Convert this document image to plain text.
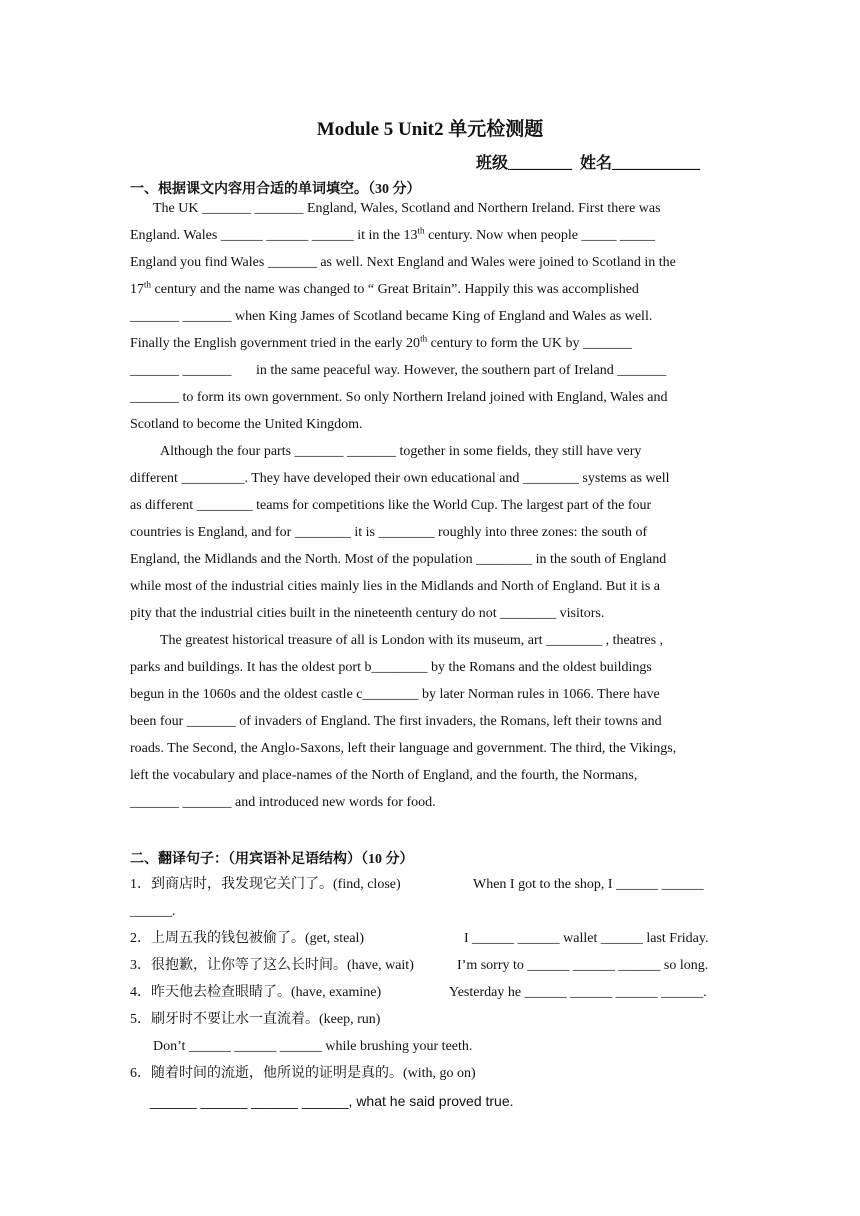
Module 5 Unit2 单元检测题
班级________  姓名___________
一、根据课文内容用合适的单词填空。（30 分）
The UK _______ _______ England, Wales, Scotland and Northern Ireland. First there was
England. Wales ______ ______ ______ it in the 13th century. Now when people _____ _____
England you find Wales _______ as well. Next England and Wales were joined to Scotland in the
17th century and the name was changed to “ Great Britain”. Happily this was accomplished
_______ _______ when King James of Scotland became King of England and Wales as well.
Finally the English government tried in the early 20th century to form the UK by _______
_______ _______ in the same peaceful way. However, the southern part of Ireland _______
_______ to form its own government. So only Northern Ireland joined with England, Wales and
Scotland to become the United Kingdom.
Although the four parts _______ _______ together in some fields, they still have very
different _________. They have developed their own educational and ________ systems as well
as different ________ teams for competitions like the World Cup. The largest part of the four
countries is England, and for ________ it is ________ roughly into three zones: the south of
England, the Midlands and the North. Most of the population ________ in the south of England
while most of the industrial cities mainly lies in the Midlands and North of England. But it is a
pity that the industrial cities built in the nineteenth century do not ________ visitors.
The greatest historical treasure of all is London with its museum, art ________ , theatres ,
parks and buildings. It has the oldest port b________ by the Romans and the oldest buildings
begun in the 1060s and the oldest castle c________ by later Norman rules in 1066. There have
been four _______ of invaders of England. The first invaders, the Romans, left their towns and
roads. The Second, the Anglo-Saxons, left their language and government. The third, the Vikings,
left the vocabulary and place-names of the North of England, and the fourth, the Normans,
_______ _______ and introduced new words for food.
二、翻译句子：（用宾语补足语结构）（10 分）
1．到商店时，我发现它关门了。(find, close)	When I got to the shop, I ______ ______
______.
2．上周五我的钱包被偷了。(get, steal)	I ______ ______ wallet ______ last Friday.
3．很抱歉，让你等了这么长时间。(have, wait)	I’m sorry to ______ ______ ______ so long.
4．昨天他去检查眼睛了。(have, examine)	Yesterday he ______ ______ ______ ______.
5．刷牙时不要让水一直流着。(keep, run)
Don’t ______ ______ ______ while brushing your teeth.
6．随着时间的流逝，他所说的证明是真的。(with, go on)
______ ______ ______ ______, what he said proved true.
